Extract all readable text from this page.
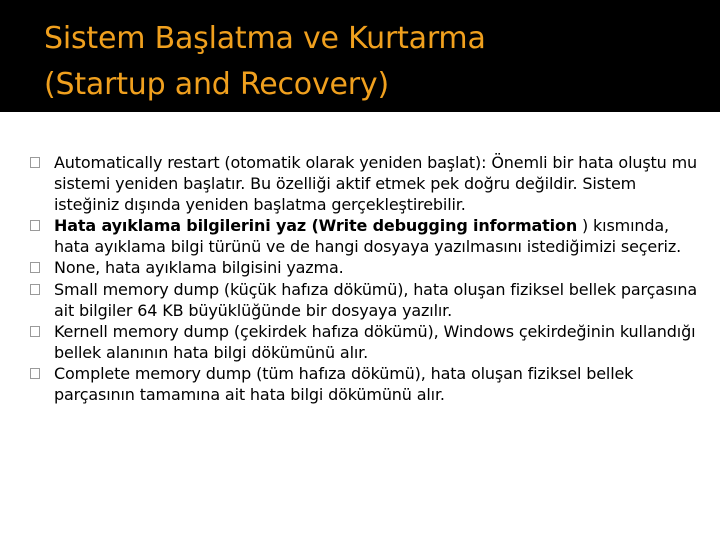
Sistem Başlatma ve Kurtarma
(Startup and Recovery)
Automatically restart (otomatik olarak yeniden başlat): Önemli bir hata oluştu mu sistemi yeniden başlatır. Bu özelliği aktif etmek pek doğru değildir. Sistem isteğiniz dışında yeniden başlatma gerçekleştirebilir.
Hata ayıklama bilgilerini yaz (Write debugging information ) kısmında, hata ayıklama bilgi türünü ve de hangi dosyaya yazılmasını istediğimizi seçeriz.
None, hata ayıklama bilgisini yazma.
Small memory dump (küçük hafıza dökümü), hata oluşan fiziksel bellek parçasına ait bilgiler 64 KB büyüklüğünde bir dosyaya yazılır.
Kernell memory dump (çekirdek hafıza dökümü), Windows çekirdeğinin kullandığı bellek alanının hata bilgi dökümünü alır.
Complete memory dump (tüm hafıza dökümü), hata oluşan fiziksel bellek parçasının tamamına ait hata bilgi dökümünü alır.
